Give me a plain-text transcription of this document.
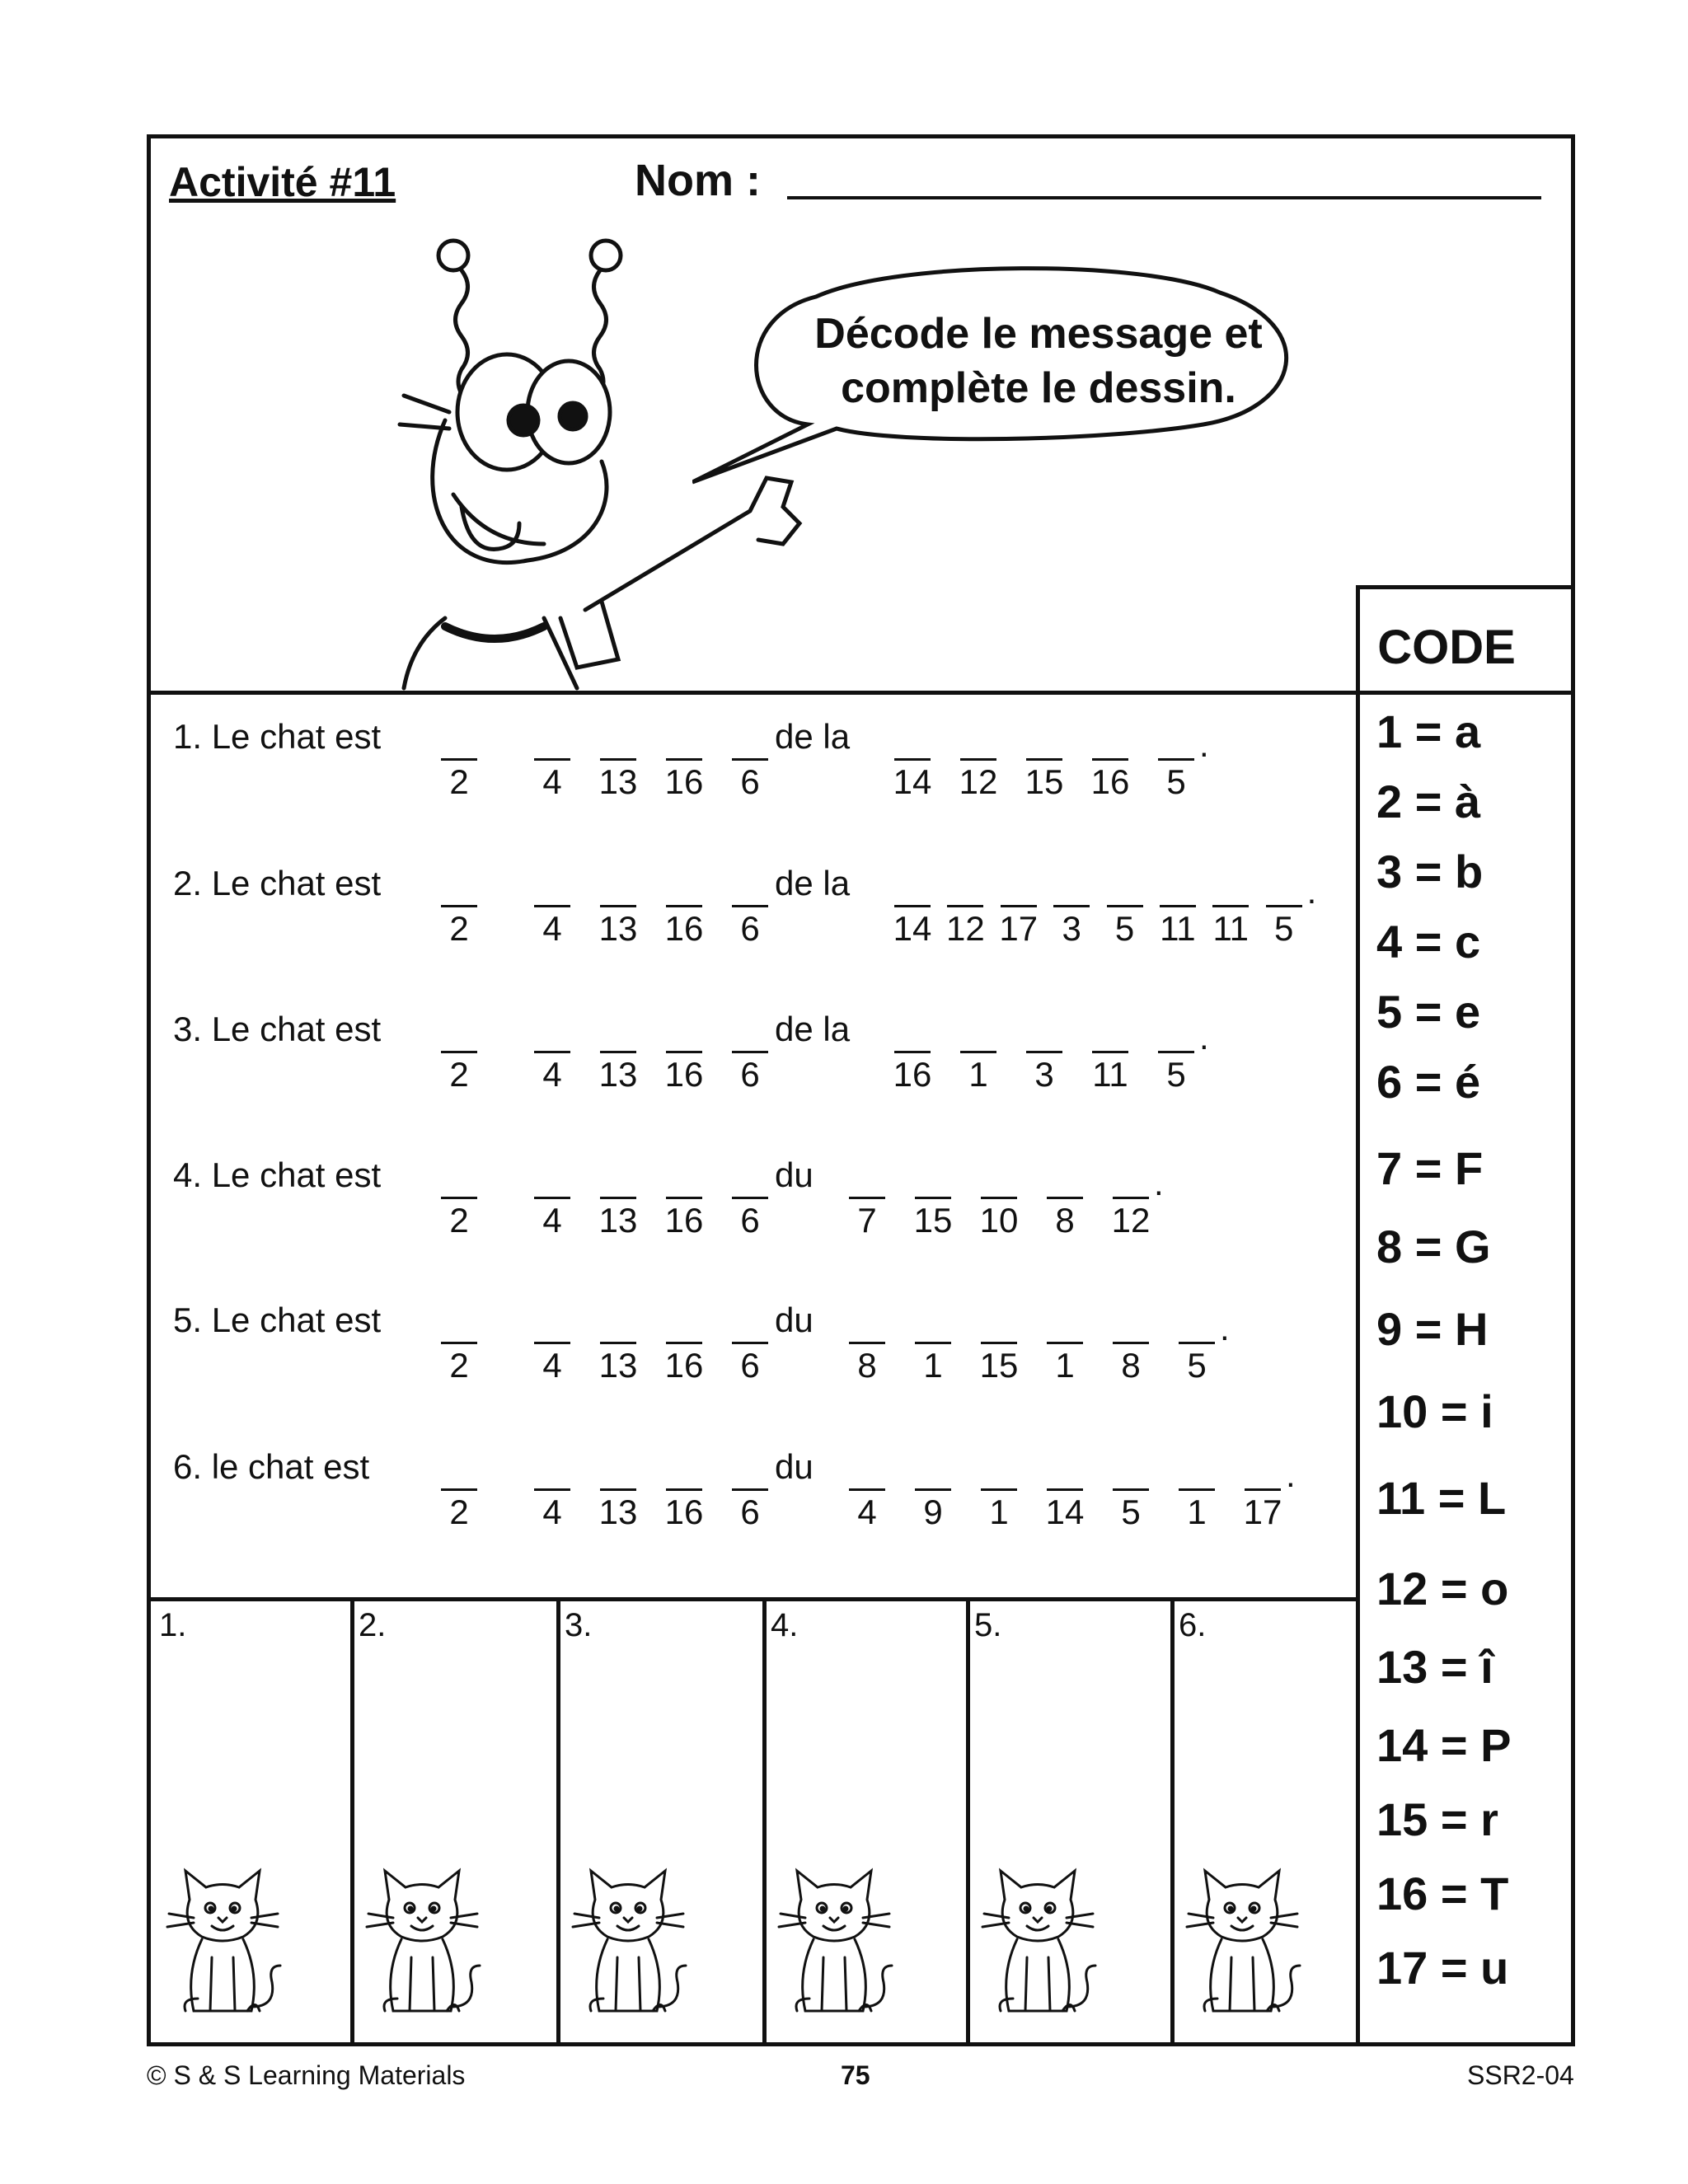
Activité #11	Nom :
Décode le message et
complète le dessin.
CODE
1 = a
2 = à
3 = b
4 = c
5 = e
6 = é
7 = F
8 = G
9 = H
10 = i
11 = L
12 = o
13 = î
14 = P
15 = r
16 = T
17 = u
1. Le chat est	de la
2	4	13 16	6	14 12 15 16	5
.
2. Le chat est	de la
2	4	13 16	6	14 12 17 3 5 11 11 5
.
3. Le chat est	de la
2	4	13 16	6	16	1	3	11	5
.
4. Le chat est	du
2	4	13 16	6	7	15 10	8	12
.
5. Le chat est	du
2	4	13 16	6	8	1	15	1	8	5
.
6. le chat est	du
2	4	13 16	6	4	9	1	14	5	1	17
.
1.	2.	3.	4.	5.	6.
© S & S Learning Materials	75	SSR2-04
